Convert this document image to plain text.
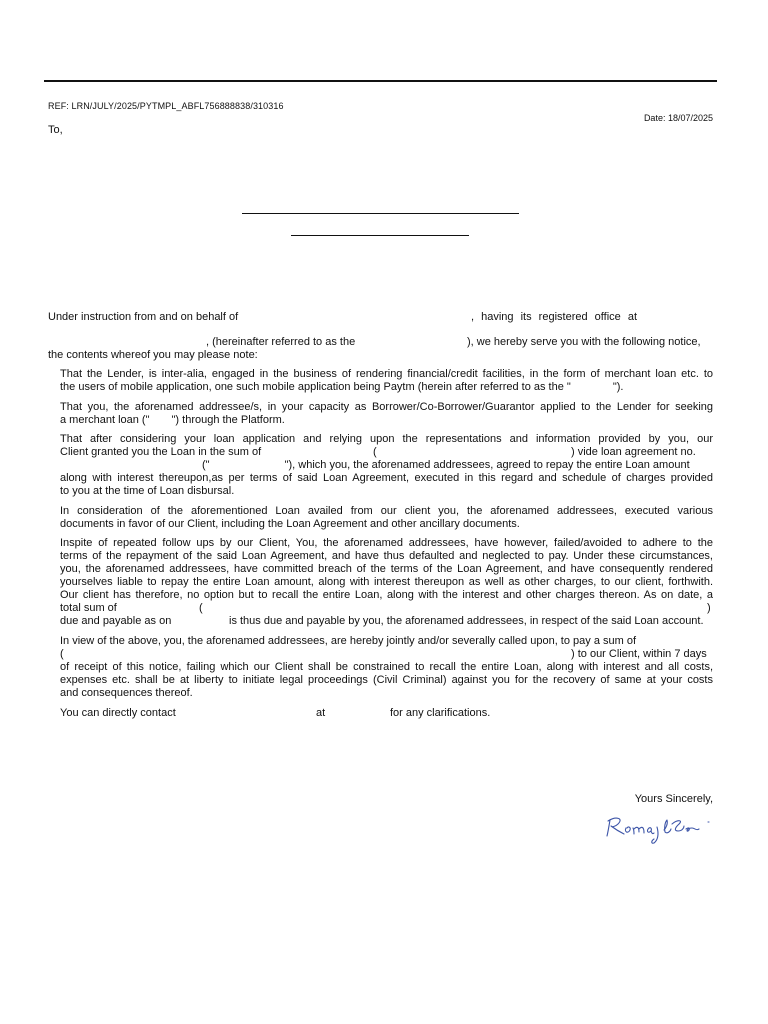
REF: LRN/JULY/2025/PYTMPL_ABFL756888838/310316
Date: 18/07/2025
To,
Under instruction from and on behalf of	, having its registered office at
, (hereinafter referred to as the	), we hereby serve you with the following notice,
the contents whereof you may please note:
That the Lender, is inter-alia, engaged in the business of rendering financial/credit facilities, in the form of merchant loan etc. to
the users of mobile application, one such mobile application being Paytm (herein after referred to as the "	").
That you, the aforenamed addressee/s, in your capacity as Borrower/Co-Borrower/Guarantor applied to the Lender for seeking
a merchant loan (" ") through the Platform.
That after considering your loan application and relying upon the representations and information provided by you, our
Client granted you the Loan in the sum of	(	) vide loan agreement no.
("	"), which you, the aforenamed addressees, agreed to repay the entire Loan amount
along with interest thereupon,as per terms of said Loan Agreement, executed in this regard and schedule of charges provided
to you at the time of Loan disbursal.
In consideration of the aforementioned Loan availed from our client you, the aforenamed addressees, executed various
documents in favor of our Client, including the Loan Agreement and other ancillary documents.
Inspite of repeated follow ups by our Client, You, the aforenamed addressees, have however, failed/avoided to adhere to the
terms of the repayment of the said Loan Agreement, and have thus defaulted and neglected to pay. Under these circumstances,
you, the aforenamed addressees, have committed breach of the terms of the Loan Agreement, and have consequently rendered
yourselves liable to repay the entire Loan amount, along with interest thereupon as well as other charges, to our client, forthwith.
Our client has therefore, no option but to recall the entire Loan, along with the interest and other charges thereon. As on date, a
total sum of	(	)
due and payable as on	is thus due and payable by you, the aforenamed addressees, in respect of the said Loan account.
In view of the above, you, the aforenamed addressees, are hereby jointly and/or severally called upon, to pay a sum of
(	) to our Client, within 7 days
of receipt of this notice, failing which our Client shall be constrained to recall the entire Loan, along with interest and all costs,
expenses etc. shall be at liberty to initiate legal proceedings (Civil Criminal) against you for the recovery of same at your costs
and consequences thereof.
You can directly contact	at	for any clarifications.
Yours Sincerely,
